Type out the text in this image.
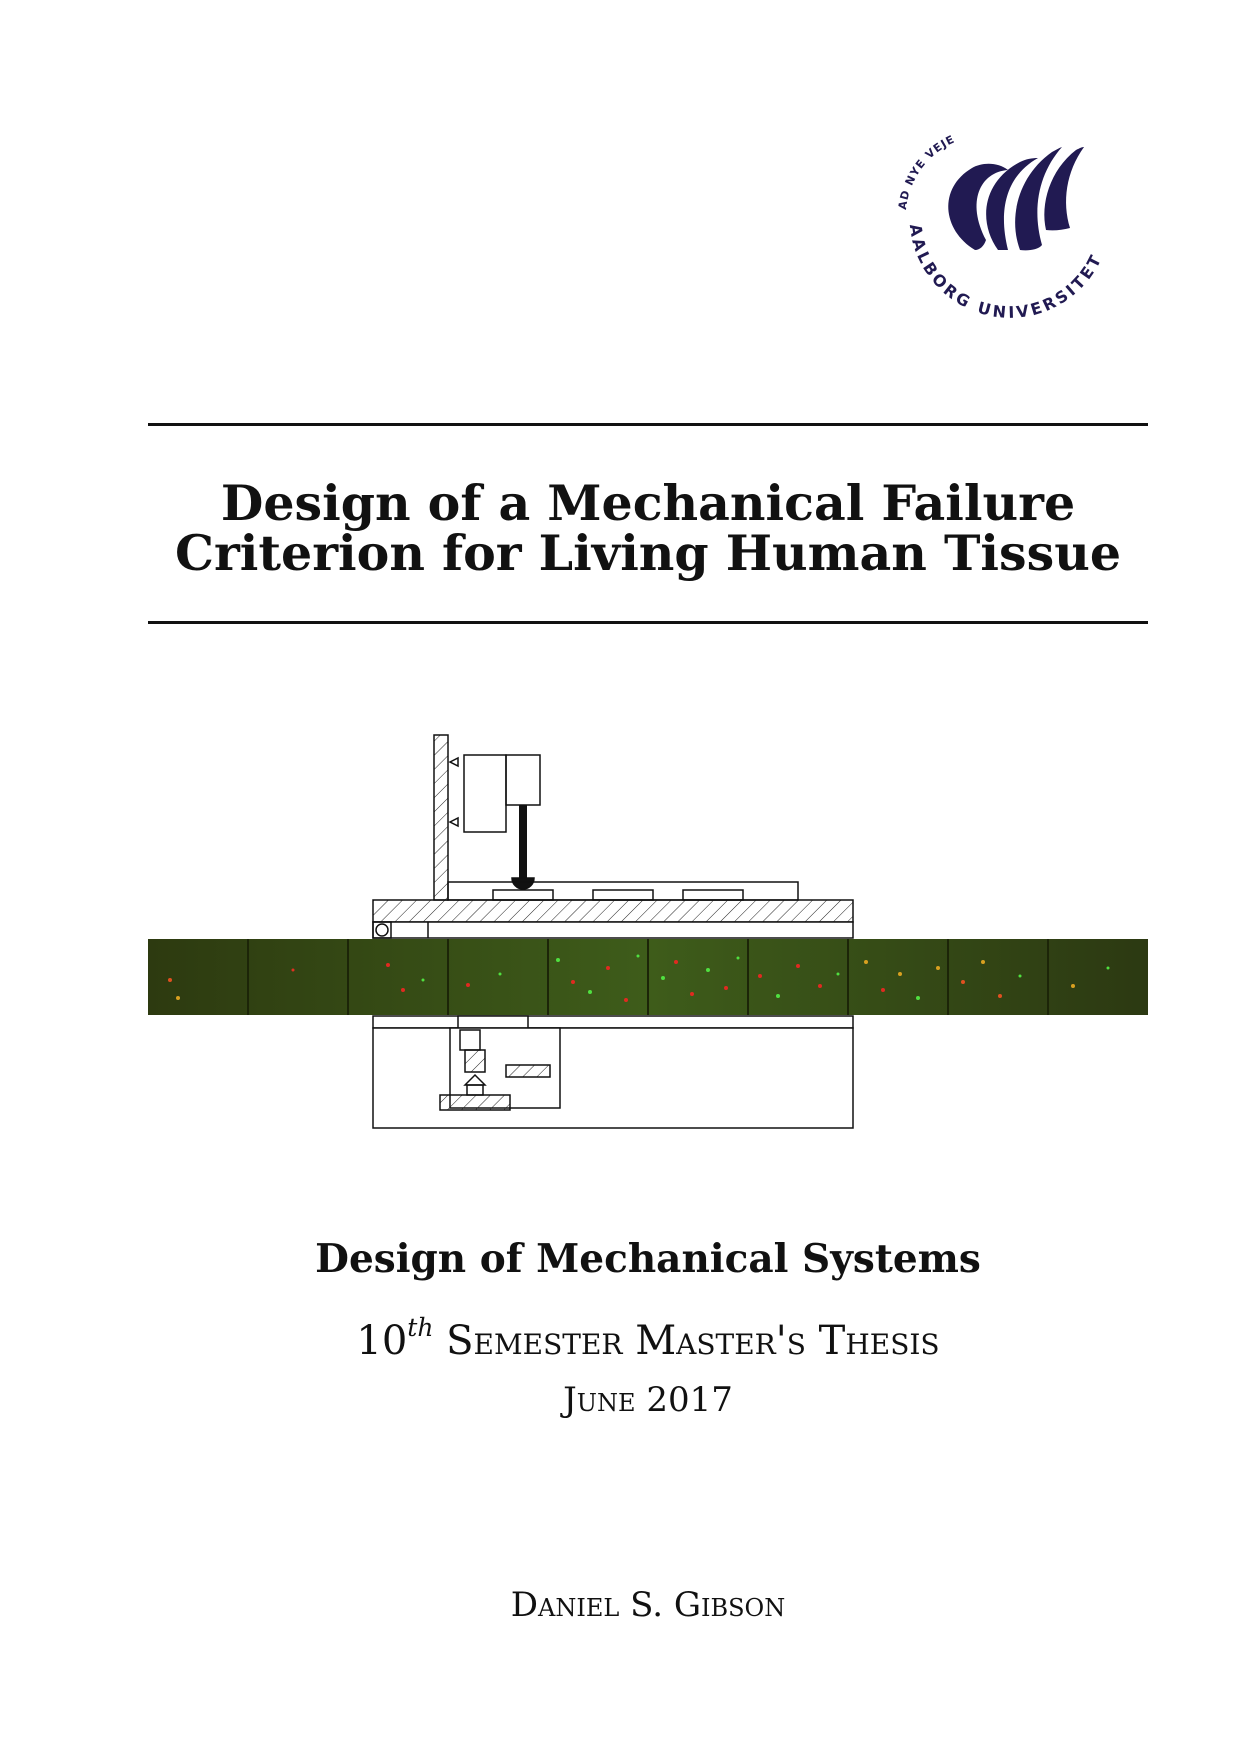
AD NYE VEJE
AALBORG UNIVERSITET
Design of a Mechanical Failure
Criterion for Living Human Tissue
Design of Mechanical Systems
10th Semester Master's Thesis
June 2017
Daniel S. Gibson
